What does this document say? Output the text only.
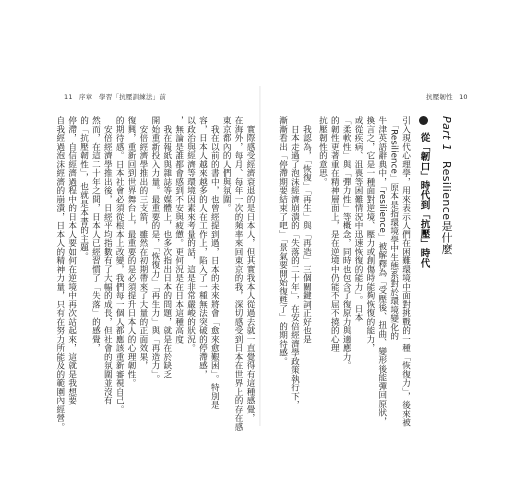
11 序章　學習「抗壓訓練法」前	抗壓韌性 10
Part 1 Resilience是什麼
從「韌口」時代到「抗壓」時代
引入現代心理學，用來表示人們在困難環境中面對挑戰的一種「恢復力」，後來被
　「Resilience」原本是指環境學中生態系對於環境變化的
牛津英語辭典中，「resilience」被解釋為「受壓後、扭曲、變形後能彈回原狀，
換言之，它是一種面對逆境、壓力或創傷時能夠恢復的能力，
或從疾病、沮喪等困難情況中迅速恢復的能力」。日本
「柔軟性」與「彈力性」等概念，同時也包含了復原力與適應力。
的韌性更著重在精神層面上，是在逆境中仍能不屈不撓的心理
抗壓韌性的意思。
　我認為，「恢復」「再生」與「再造」三個關鍵詞正好也是
　日本走過了泡沫經濟崩潰的「失落的二十年」，在安倍經濟學政策執行下，
漸漸看出「停滯期要結束了吧」「景氣要開始復甦了」的期待感。
　實際感受經濟衰退的是日本人，但其實我本人從過去就一直覺得有這種感覺，
在海外，每月、每年一次的頻率來回東京的我，深切感受到日本在世界上的存在感
東京都內的人們與氛圍。
　我在以前的書中，也曾經提到過，日本的未來將會「愈來愈艱困」。特別是
容，日本人越來越多的人在工作上，陷入了一種無法突破的停滯感，
以政治與經濟等環境因素來考量的話，這是非常嚴峻的狀況。
，無論是誰都會感到不安與疲憊。更何況是在日本這種高度
　我在報紙與雜誌等媒體上，也多次指出日本的問題，就是在於缺乏
開始重新投入力量。最重要的是，「恢復力」「再生力」與「再造力」。
　安倍經濟學推出的三支箭，雖然在初期帶來了大量的正面效果，
復興，重新回到世界舞台上，最重要的是必須提升日本人的心理韌性。
的期待感。日本社會必須從根本上改變，我們每一個人都應該重新審視自己。
　安倍經濟學推出後，日經平均指數有了大幅的成長，但社會的氛圍並沒有
然而，在這二十年之間，日本人已經習慣了「失落」的感覺，
的「抗壓韌性」，也就是本書的主題。
停滯，自信經濟過程中的日本人要如何在逆境中再次站起來，這就是我想要
自我經過泡沫經濟的崩潰，日本人的精神力量，只有在努力所能及的範圍內經營。
